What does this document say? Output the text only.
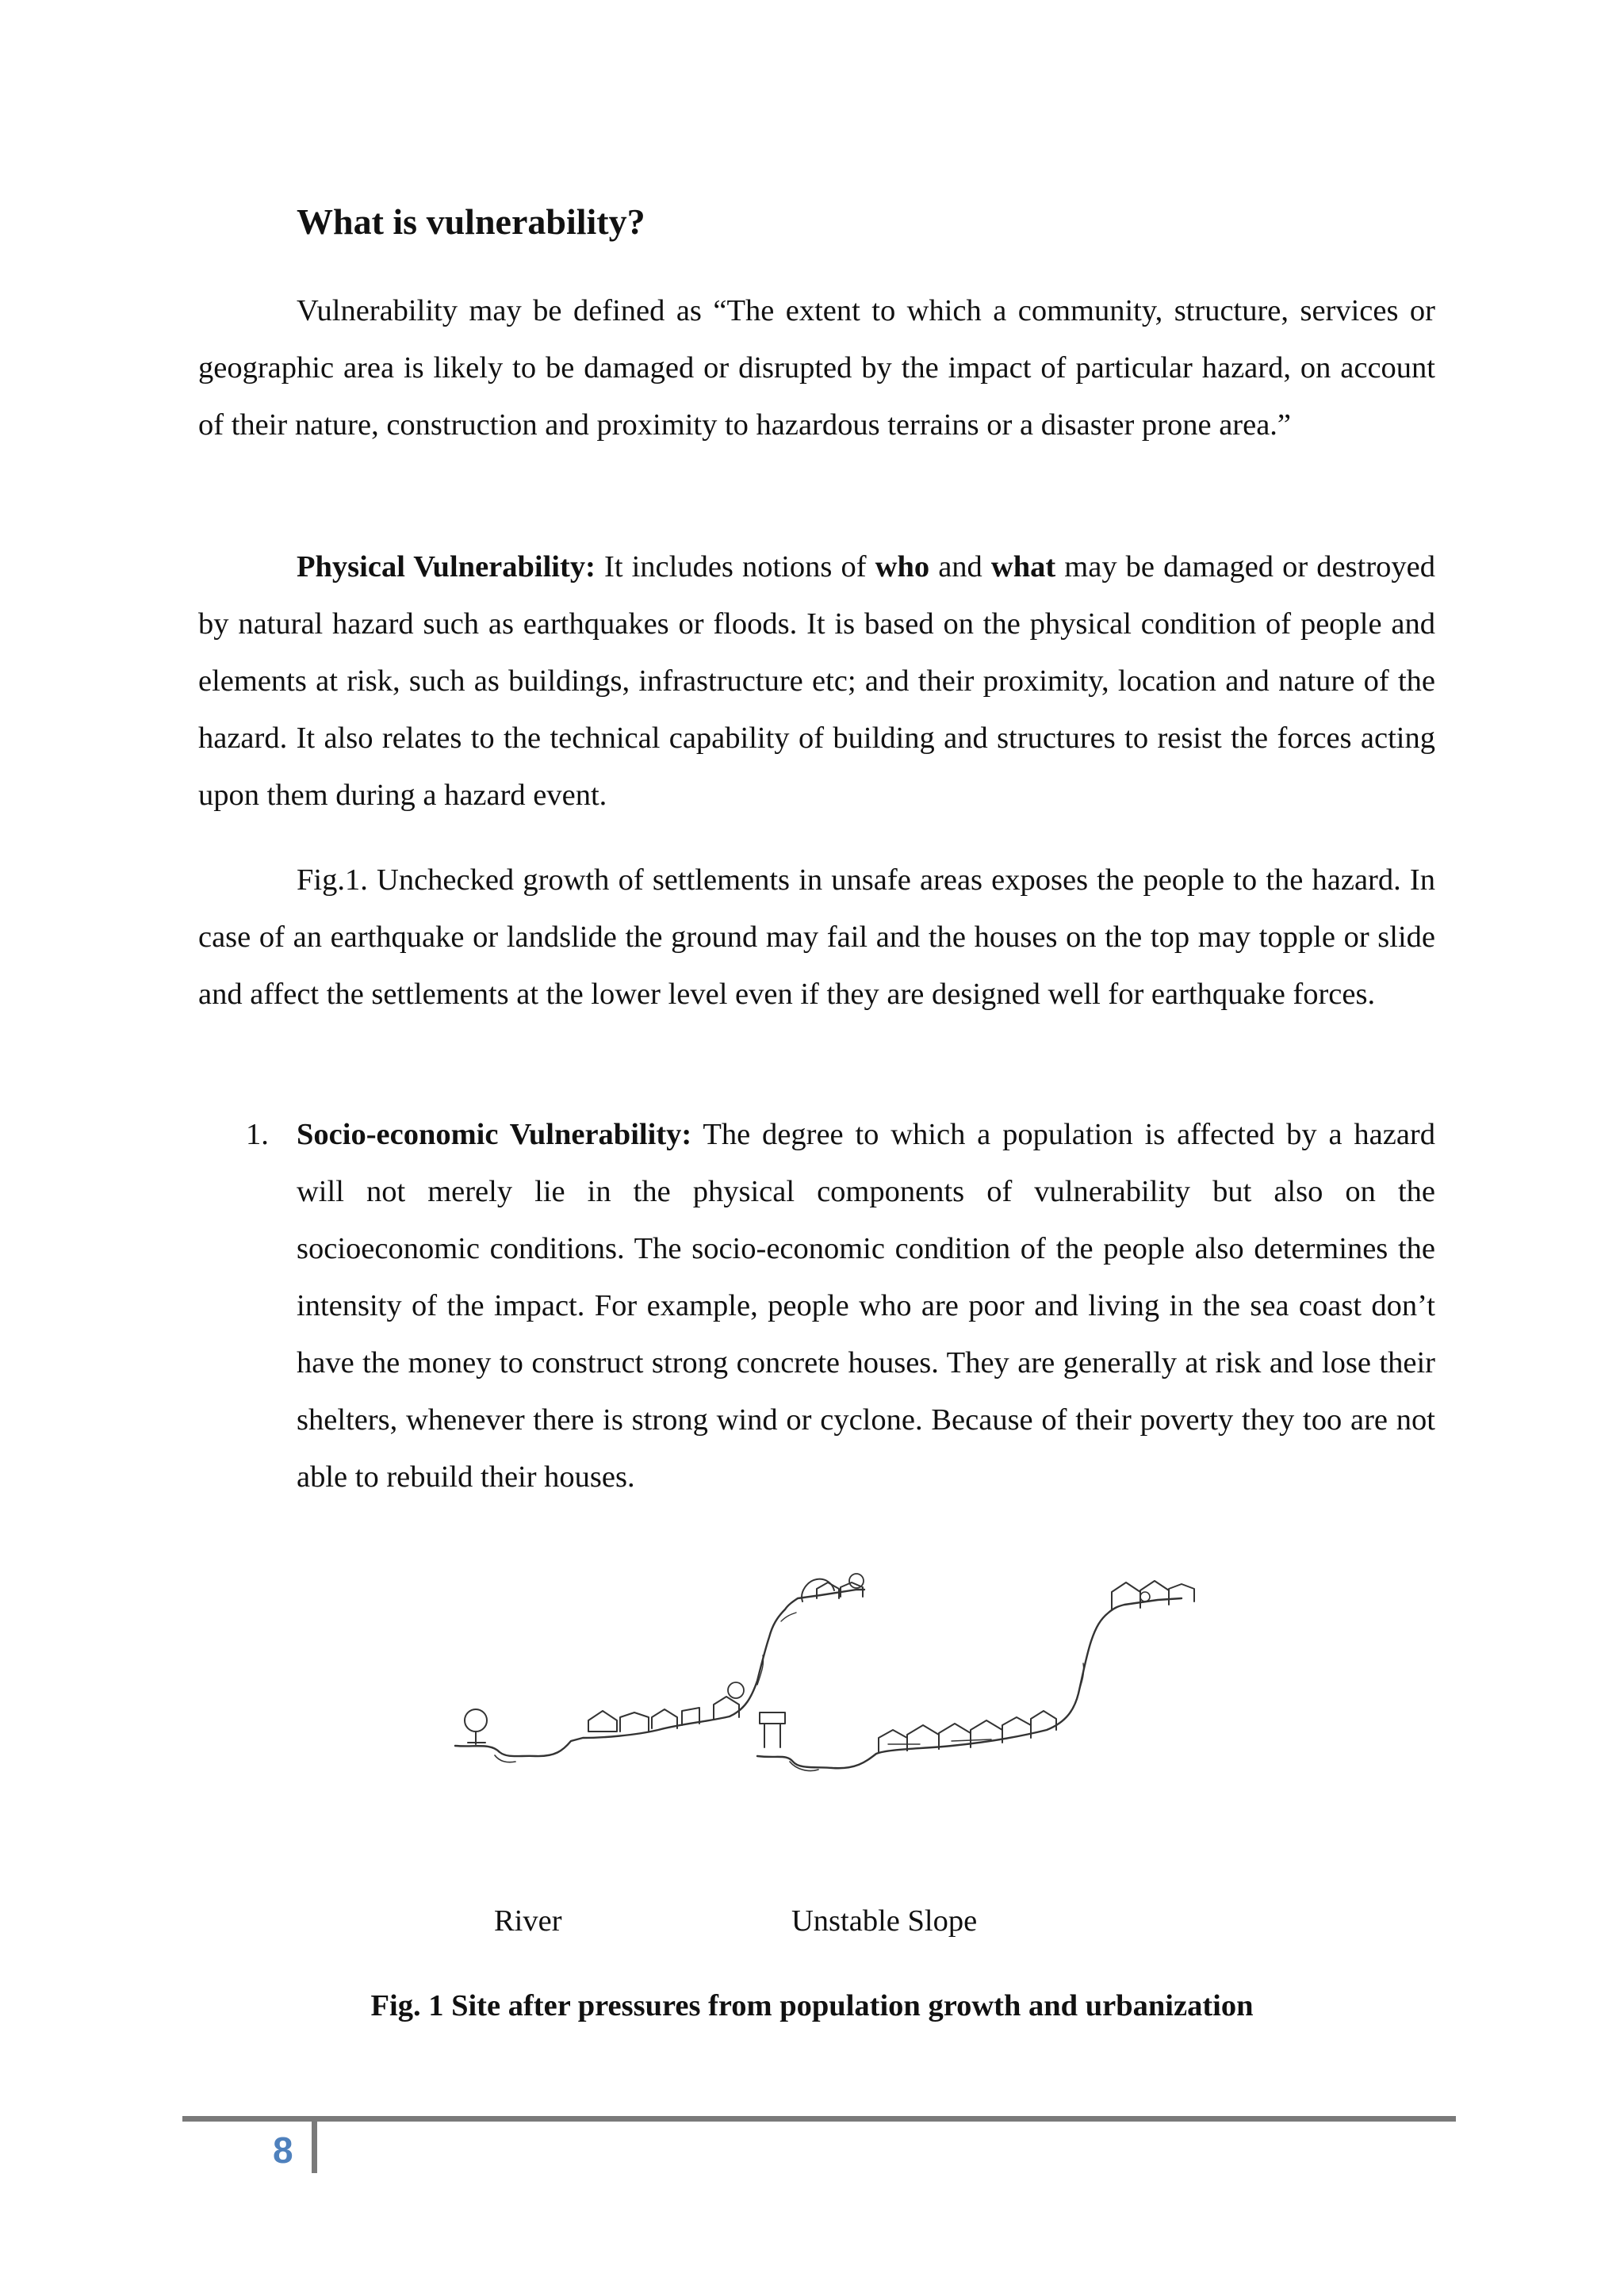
What is vulnerability?

Vulnerability may be defined as “The extent to which a community, structure, services or geographic area is likely to be damaged or disrupted by the impact of particular hazard, on account of their nature, construction and proximity to hazardous terrains or a disaster prone area.”

Physical Vulnerability: It includes notions of who and what may be damaged or destroyed by natural hazard such as earthquakes or floods. It is based on the physical condition of people and elements at risk, such as buildings, infrastructure etc; and their proximity, location and nature of the hazard. It also relates to the technical capability of building and structures to resist the forces acting upon them during a hazard event.

Fig.1. Unchecked growth of settlements in unsafe areas exposes the people to the hazard. In case of an earthquake or landslide the ground may fail and the houses on the top may topple or slide and affect the settlements at the lower level even if they are designed well for earthquake forces.

1. Socio-economic Vulnerability: The degree to which a population is affected by a hazard will not merely lie in the physical components of vulnerability but also on the socioeconomic conditions. The socio-economic condition of the people also determines the intensity of the impact. For example, people who are poor and living in the sea coast don’t have the money to construct strong concrete houses. They are generally at risk and lose their shelters, whenever there is strong wind or cyclone. Because of their poverty they too are not able to rebuild their houses.
River	Unstable Slope
Fig. 1 Site after pressures from population growth and urbanization
8
